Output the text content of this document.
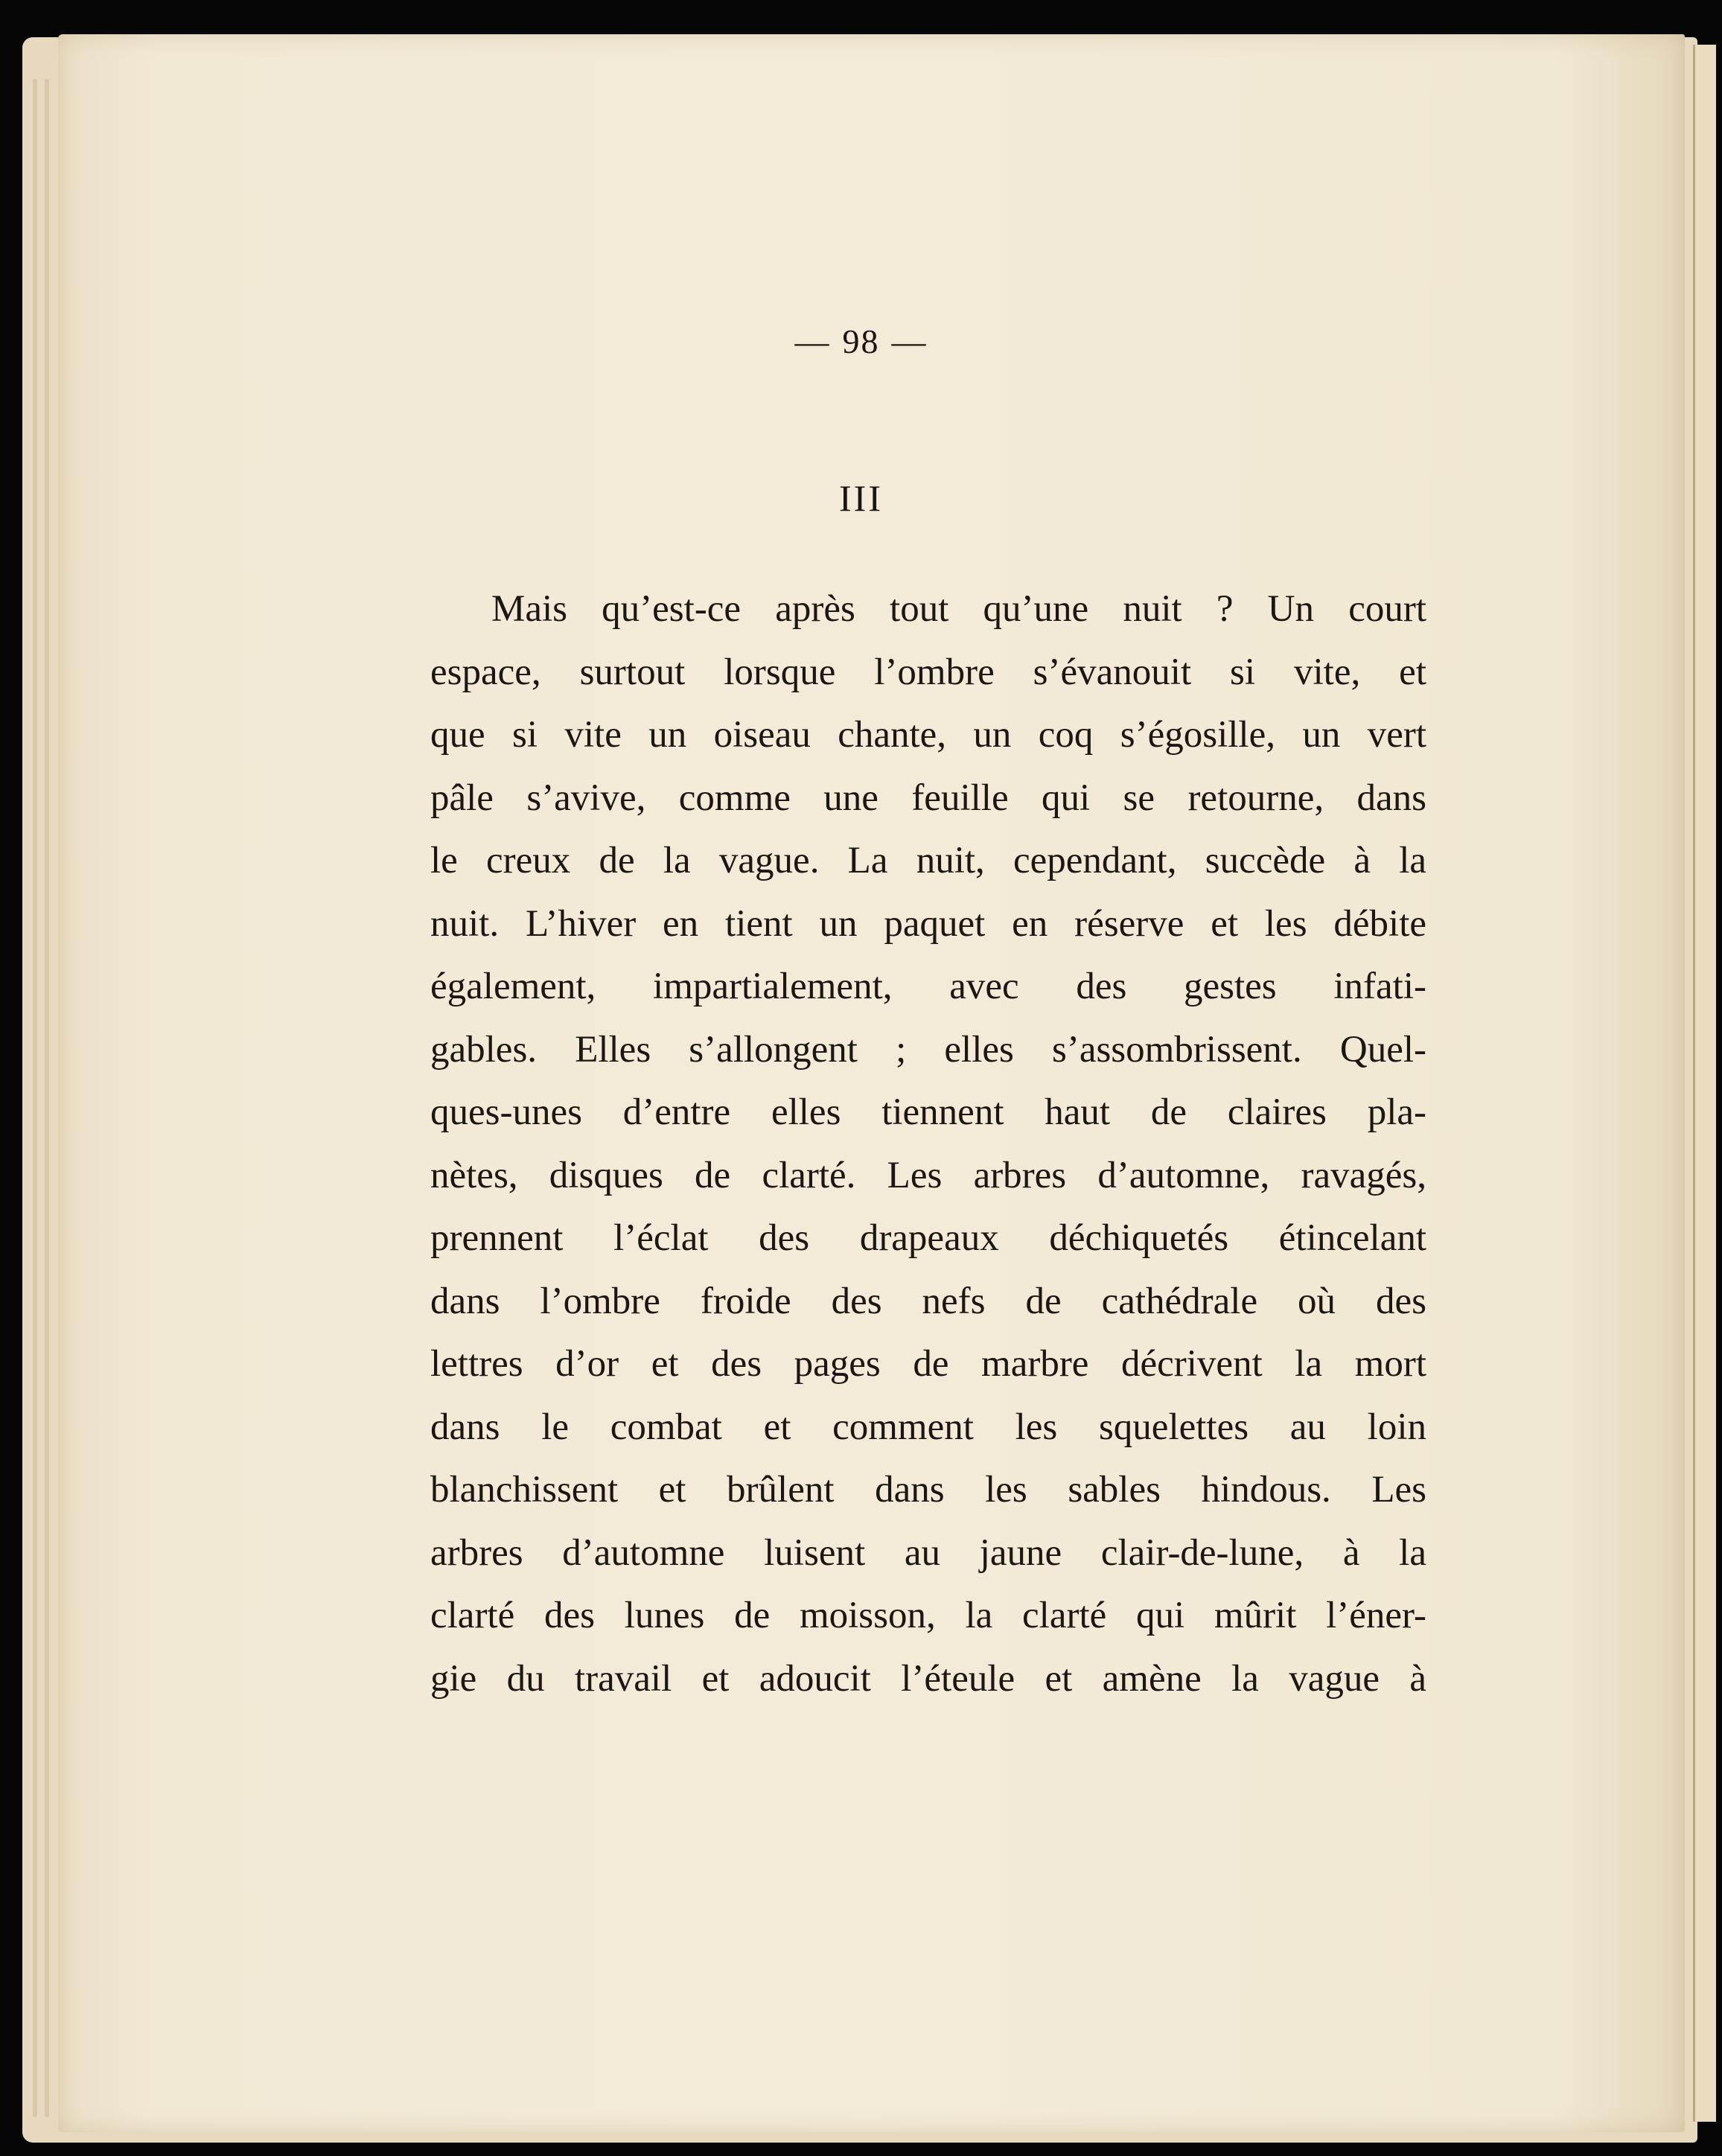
— 98 —
III
Mais qu’est-ce après tout qu’une nuit ? Un court
espace, surtout lorsque l’ombre s’évanouit si vite, et
que si vite un oiseau chante, un coq s’égosille, un vert
pâle s’avive, comme une feuille qui se retourne, dans
le creux de la vague. La nuit, cependant, succède à la
nuit. L’hiver en tient un paquet en réserve et les débite
également, impartialement, avec des gestes infati-
gables. Elles s’allongent ; elles s’assombrissent. Quel-
ques-unes d’entre elles tiennent haut de claires pla-
nètes, disques de clarté. Les arbres d’automne, ravagés,
prennent l’éclat des drapeaux déchiquetés étincelant
dans l’ombre froide des nefs de cathédrale où des
lettres d’or et des pages de marbre décrivent la mort
dans le combat et comment les squelettes au loin
blanchissent et brûlent dans les sables hindous. Les
arbres d’automne luisent au jaune clair-de-lune, à la
clarté des lunes de moisson, la clarté qui mûrit l’éner-
gie du travail et adoucit l’éteule et amène la vague à
